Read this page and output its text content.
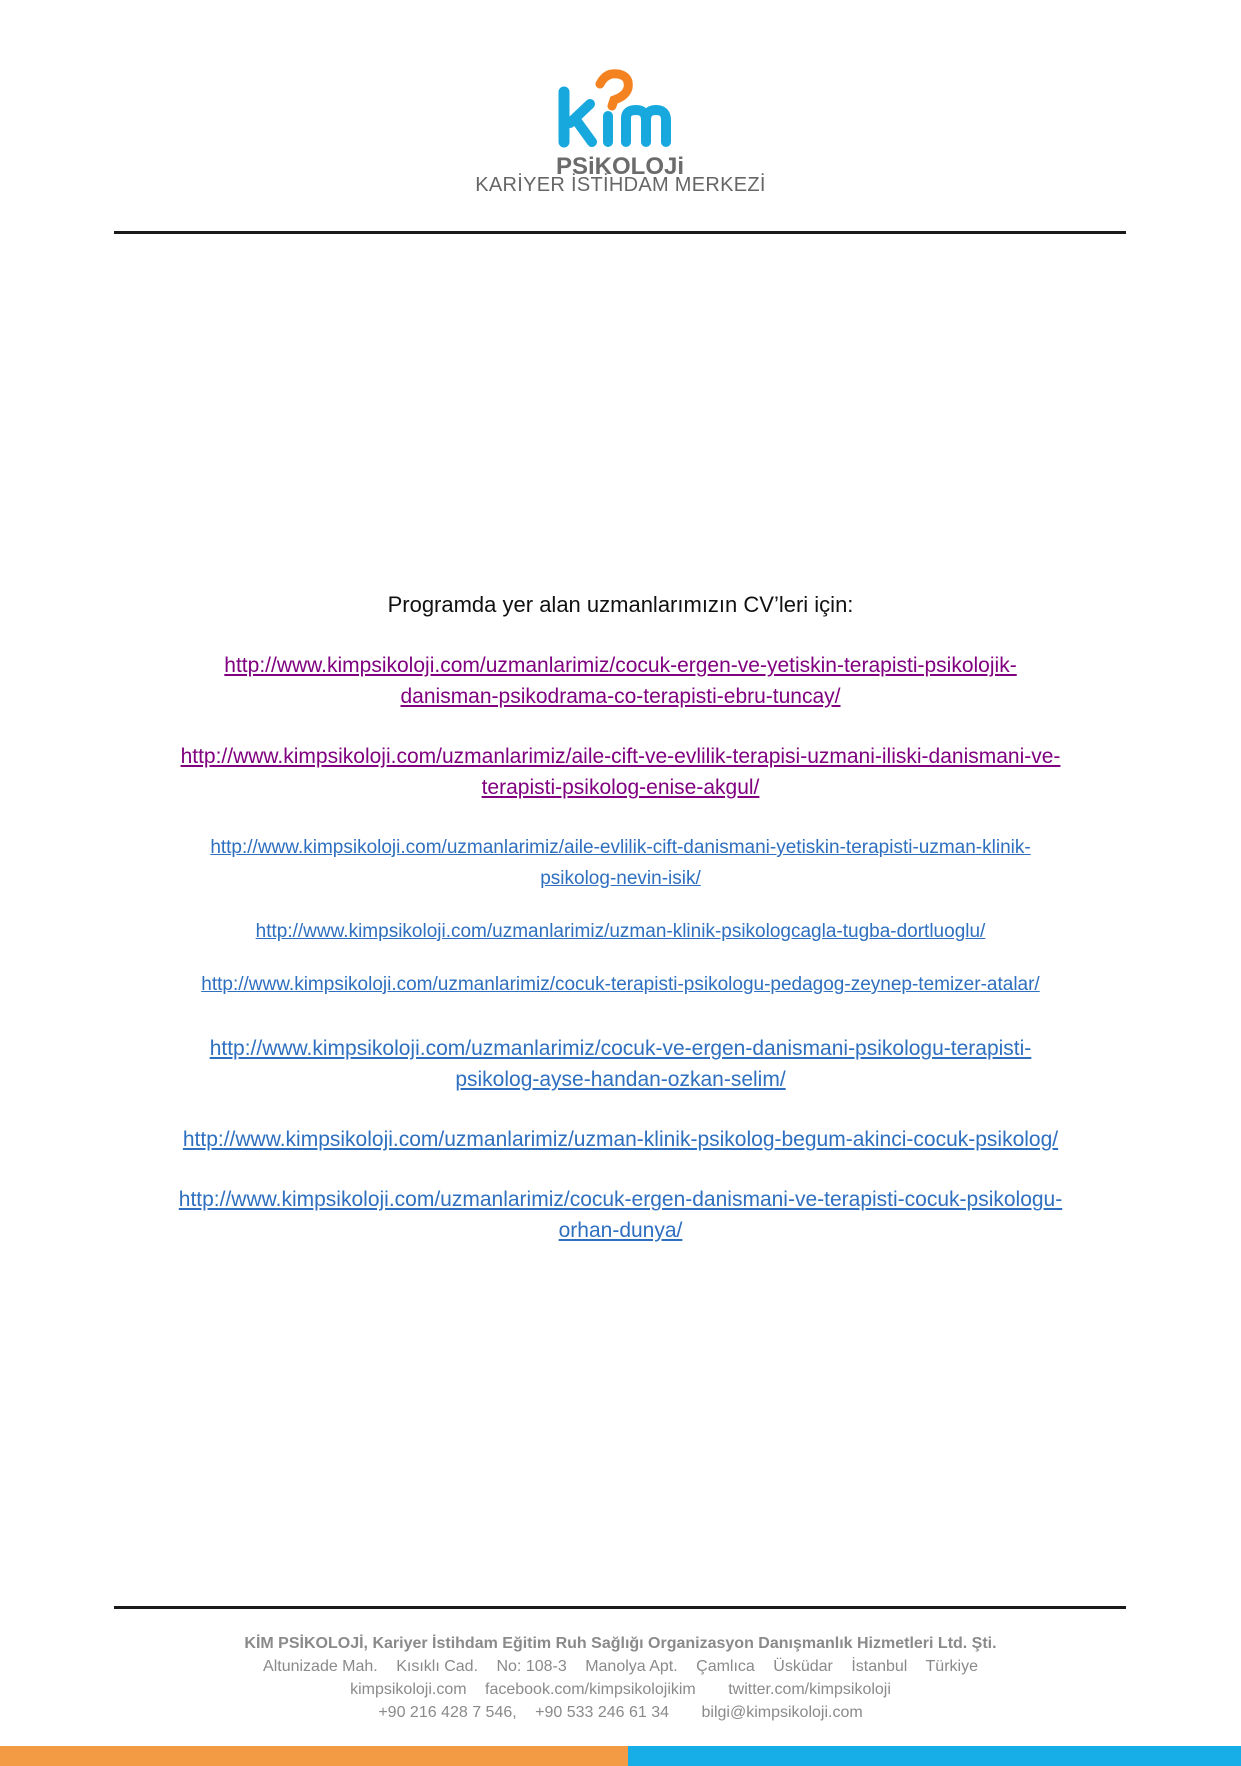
PSiKOLOJi
KARİYER İSTİHDAM MERKEZİ
Programda yer alan uzmanlarımızın CV’leri için:
http://www.kimpsikoloji.com/uzmanlarimiz/cocuk-ergen-ve-yetiskin-terapisti-psikolojik-
danisman-psikodrama-co-terapisti-ebru-tuncay/
http://www.kimpsikoloji.com/uzmanlarimiz/aile-cift-ve-evlilik-terapisi-uzmani-iliski-danismani-ve-
terapisti-psikolog-enise-akgul/
http://www.kimpsikoloji.com/uzmanlarimiz/aile-evlilik-cift-danismani-yetiskin-terapisti-uzman-klinik-
psikolog-nevin-isik/
http://www.kimpsikoloji.com/uzmanlarimiz/uzman-klinik-psikologcagla-tugba-dortluoglu/
http://www.kimpsikoloji.com/uzmanlarimiz/cocuk-terapisti-psikologu-pedagog-zeynep-temizer-atalar/
http://www.kimpsikoloji.com/uzmanlarimiz/cocuk-ve-ergen-danismani-psikologu-terapisti-
psikolog-ayse-handan-ozkan-selim/
http://www.kimpsikoloji.com/uzmanlarimiz/uzman-klinik-psikolog-begum-akinci-cocuk-psikolog/
http://www.kimpsikoloji.com/uzmanlarimiz/cocuk-ergen-danismani-ve-terapisti-cocuk-psikologu-
orhan-dunya/
KİM PSİKOLOJİ, Kariyer İstihdam Eğitim Ruh Sağlığı Organizasyon Danışmanlık Hizmetleri Ltd. Şti.
Altunizade Mah. Kısıklı Cad. No: 108-3 Manolya Apt. Çamlıca Üsküdar İstanbul Türkiye
kimpsikoloji.com facebook.com/kimpsikolojikim twitter.com/kimpsikoloji
+90 216 428 7 546, +90 533 246 61 34 bilgi@kimpsikoloji.com
